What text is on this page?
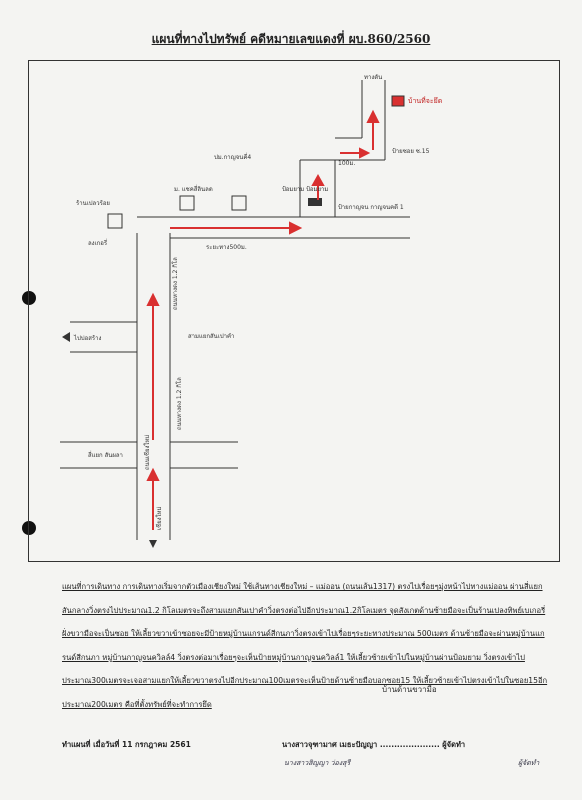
แผนที่ทางไปทรัพย์ คดีหมายเลขแดงที่ ผบ.860/2560
ทางตัน
บ้านที่จะยึด
100ม.
ป้ายซอย ซ.15
ปม.กาญจนคี่4
ป้ายกาญจน กาญจนคดี 1
ร้านเปลวร้อย
ลงเกอรี่
ม. แชคสี่ลินลด	ป้อมยาม ป้อมยาม
ระยะทาง500ม.
ไปบ่อสร้าง	สามแยกสันเปาคำ
ถนนหางดง 1.2 กิโล
ถนนหางดง 1.2 กิโล
สี่แยก สันผลา	ถนนเชียงใหม่
เชียงใหม่
แผนที่การเดินทาง การเดินทางเริ่มจากตัวเมืองเชียงใหม่ ใช้เส้นทางเชียงใหม่ – แม่ออน (ถนนเส้น1317) ตรงไปเรื่อยๆมุ่งหน้าไปทางแม่ออน ผ่านสี่แยกสันกลางวิ่งตรงไปประมาณ1.2 กิโลเมตรจะถึงสามแยกสันเปาคำวิ่งตรงต่อไปอีกประมาณ1.2กิโลเมตร จุดสังเกตด้านซ้ายมือจะเป็นร้านเปลงทิพย์เบเกอรี่ ฝั่งขวามือจะเป็นซอย ให้เลี้ยวขวาเข้าซอยจะมีป้ายหมู่บ้านแกรนด์สีกนภาวิ่งตรงเข้าไปเรื่อยๆระยะทางประมาณ 500เมตร ด้านซ้ายมือจะผ่านหมู่บ้านแกรนด์สีกนภา หมู่บ้านกาญจนควิลล์4 วิ่งตรงต่อมาเรื่อยๆจะเห็นป้ายหมู่บ้านกาญจนควิลล์1 ให้เลี้ยวซ้ายเข้าไปในหมู่บ้านผ่านป้อมยาม วิ่งตรงเข้าไปประมาณ300เมตรจะเจอสามแยกให้เลี้ยวขวาตรงไปอีกประมาณ100เมตรจะเห็นป้ายด้านซ้ายมือบอกซอย15 ให้เลี้ยวซ้ายเข้าไปตรงเข้าไปในซอย15อีกประมาณ200เมตร คือที่ตั้งทรัพย์ที่จะทำการยึด
บ้านด้านขวามือ
ทำแผนที่ เมื่อวันที่ 11 กรกฎาคม 2561	นางสาวจุฑามาศ เมธะปัญญา ..................... ผู้จัดทำ
นางสาวสิญญา ว่องสุรี	ผู้จัดทำ
